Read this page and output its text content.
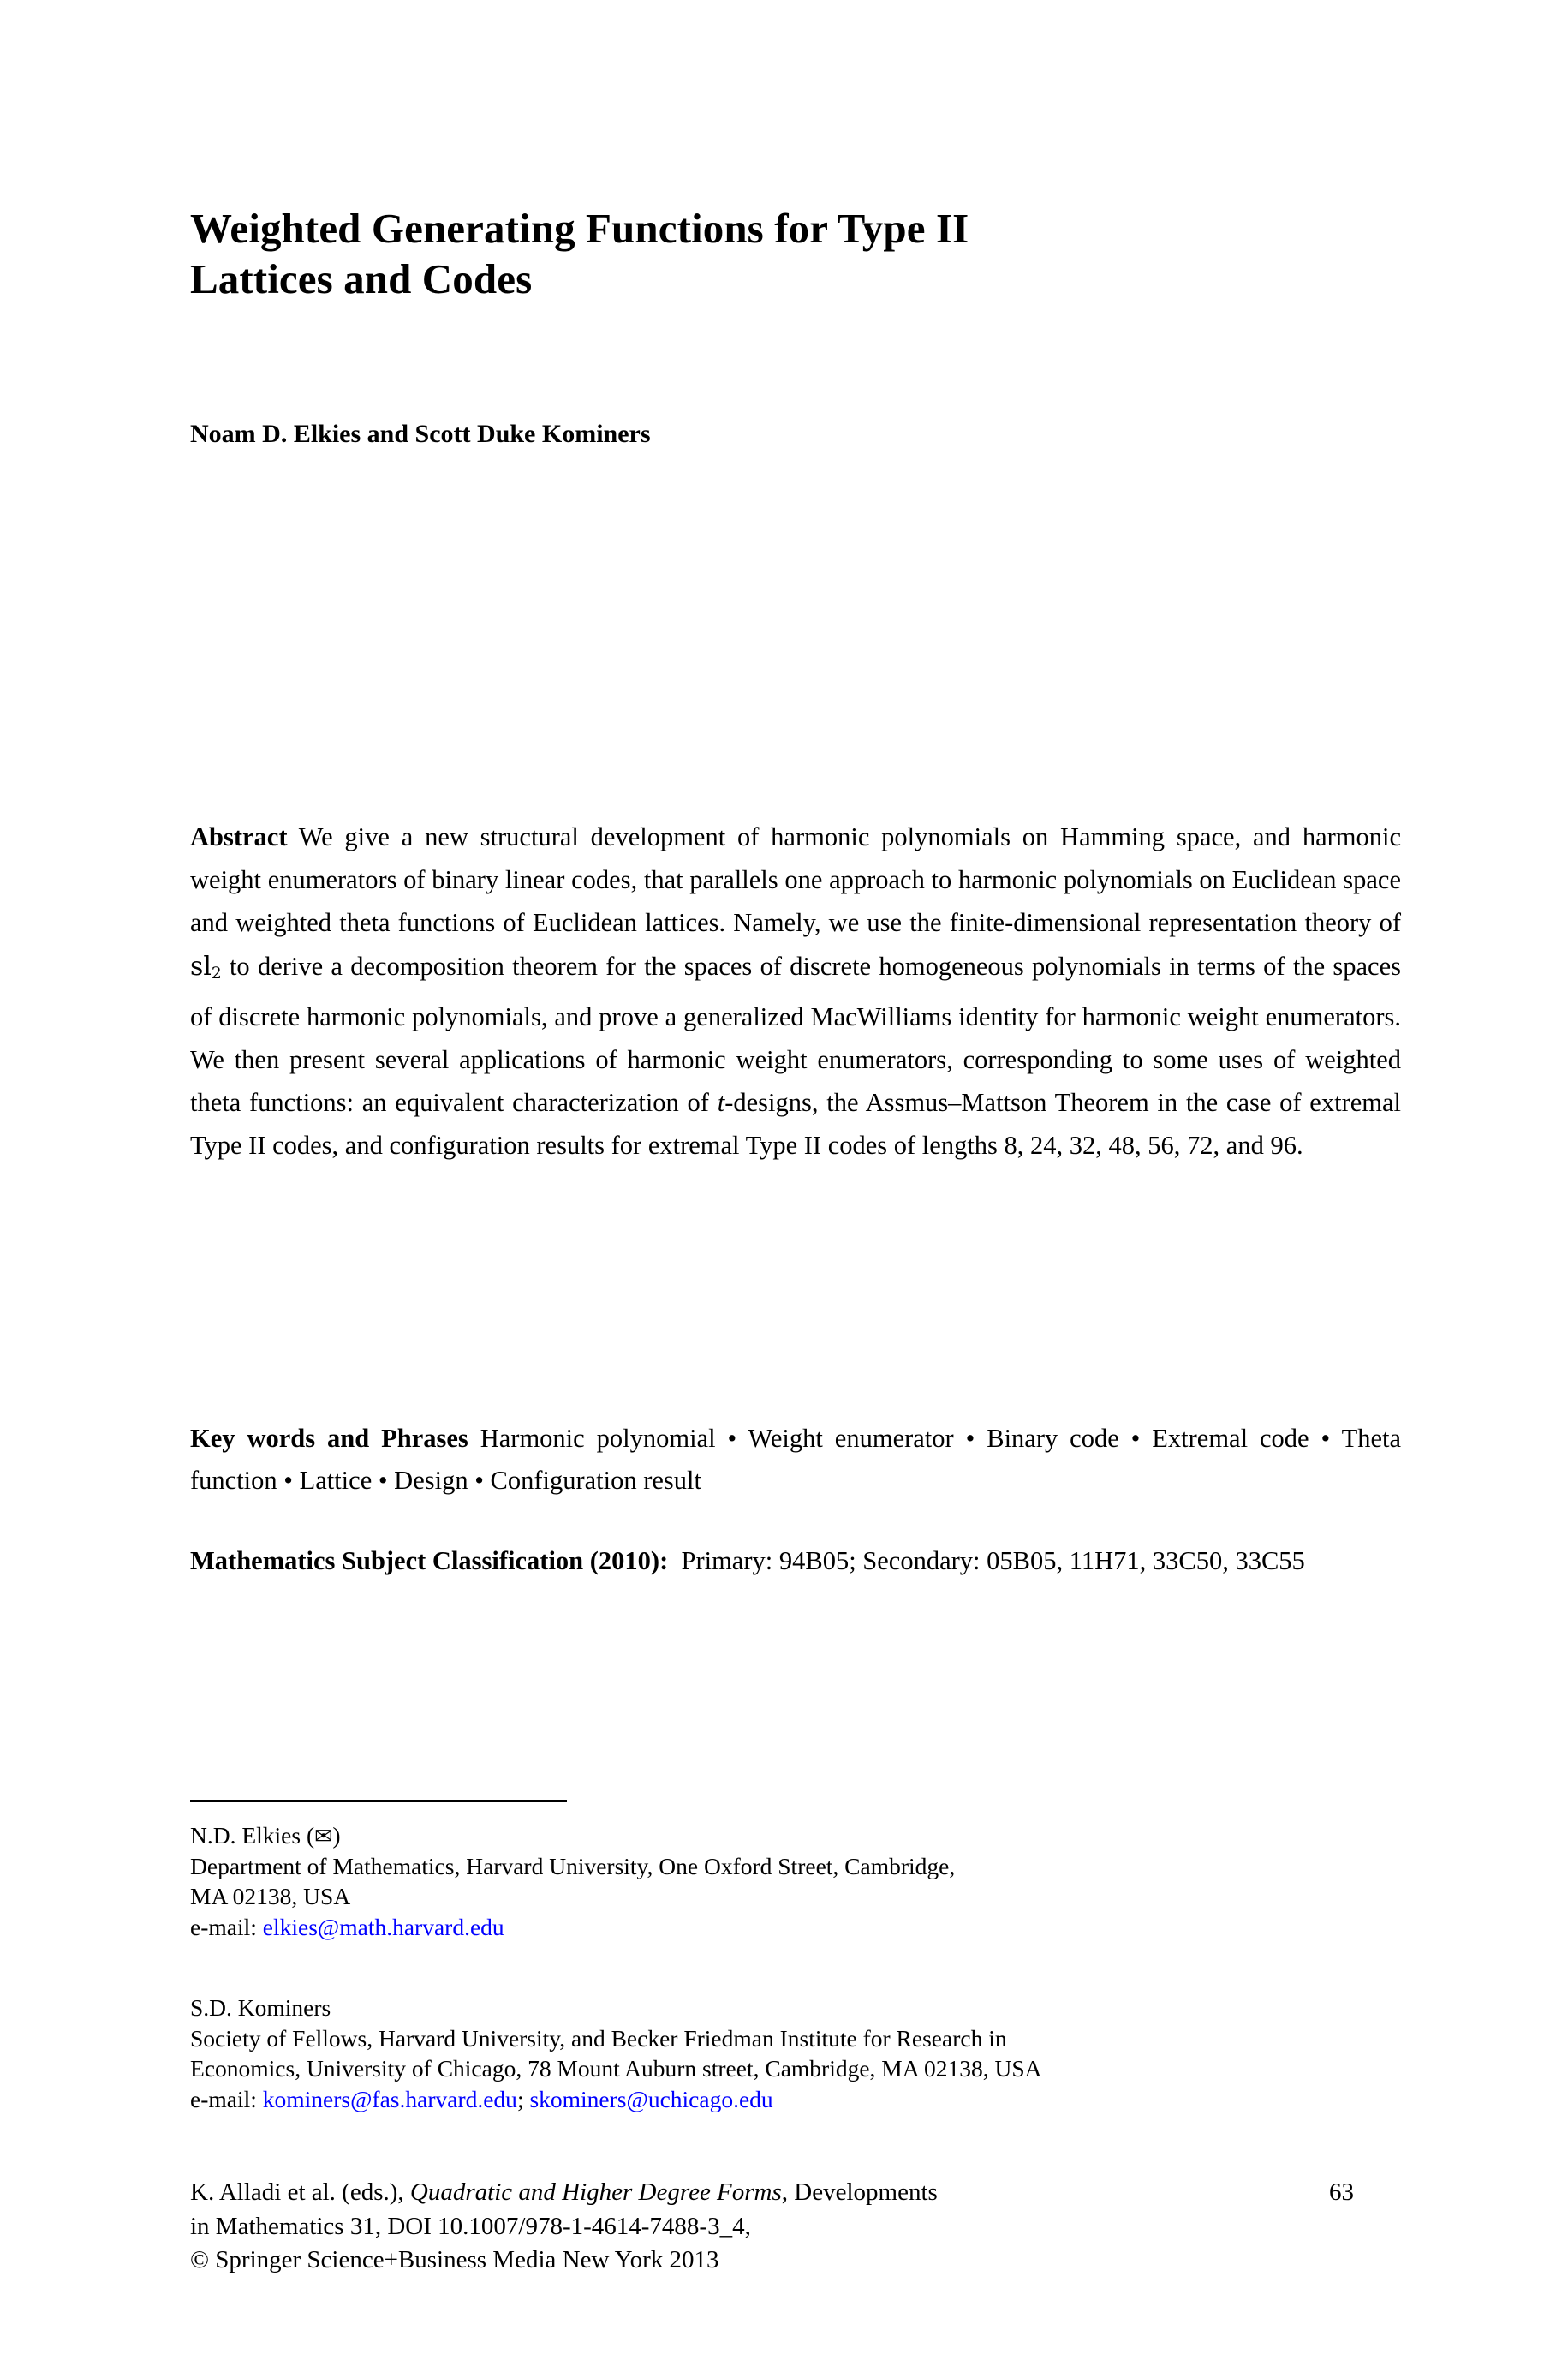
Weighted Generating Functions for Type II
Lattices and Codes
Noam D. Elkies and Scott Duke Kominers

Abstract We give a new structural development of harmonic polynomials on Hamming space, and harmonic weight enumerators of binary linear codes, that parallels one approach to harmonic polynomials on Euclidean space and weighted theta functions of Euclidean lattices. Namely, we use the finite-dimensional representation theory of $sl_2$ to derive a decomposition theorem for the spaces of discrete homogeneous polynomials in terms of the spaces of discrete harmonic polynomials, and prove a generalized MacWilliams identity for harmonic weight enumerators. We then present several applications of harmonic weight enumerators, corresponding to some uses of weighted theta functions: an equivalent characterization of t-designs, the Assmus–Mattson Theorem in the case of extremal Type II codes, and configuration results for extremal Type II codes of lengths 8, 24, 32, 48, 56, 72, and 96.

Key words and Phrases Harmonic polynomial • Weight enumerator • Binary code • Extremal code • Theta function • Lattice • Design • Configuration result

Mathematics Subject Classification (2010): Primary: 94B05; Secondary: 05B05, 11H71, 33C50, 33C55

N.D. Elkies (✉)

Department of Mathematics, Harvard University, One Oxford Street, Cambridge,

MA 02138, USA

e-mail: elkies@math.harvard.edu

S.D. Kominers

Society of Fellows, Harvard University, and Becker Friedman Institute for Research in

Economics, University of Chicago, 78 Mount Auburn street, Cambridge, MA 02138, USA

e-mail: kominers@fas.harvard.edu; skominers@uchicago.edu

K. Alladi et al. (eds.), Quadratic and Higher Degree Forms, Developments

in Mathematics 31, DOI 10.1007/978-1-4614-7488-3_4,

© Springer Science+Business Media New York 2013

63
